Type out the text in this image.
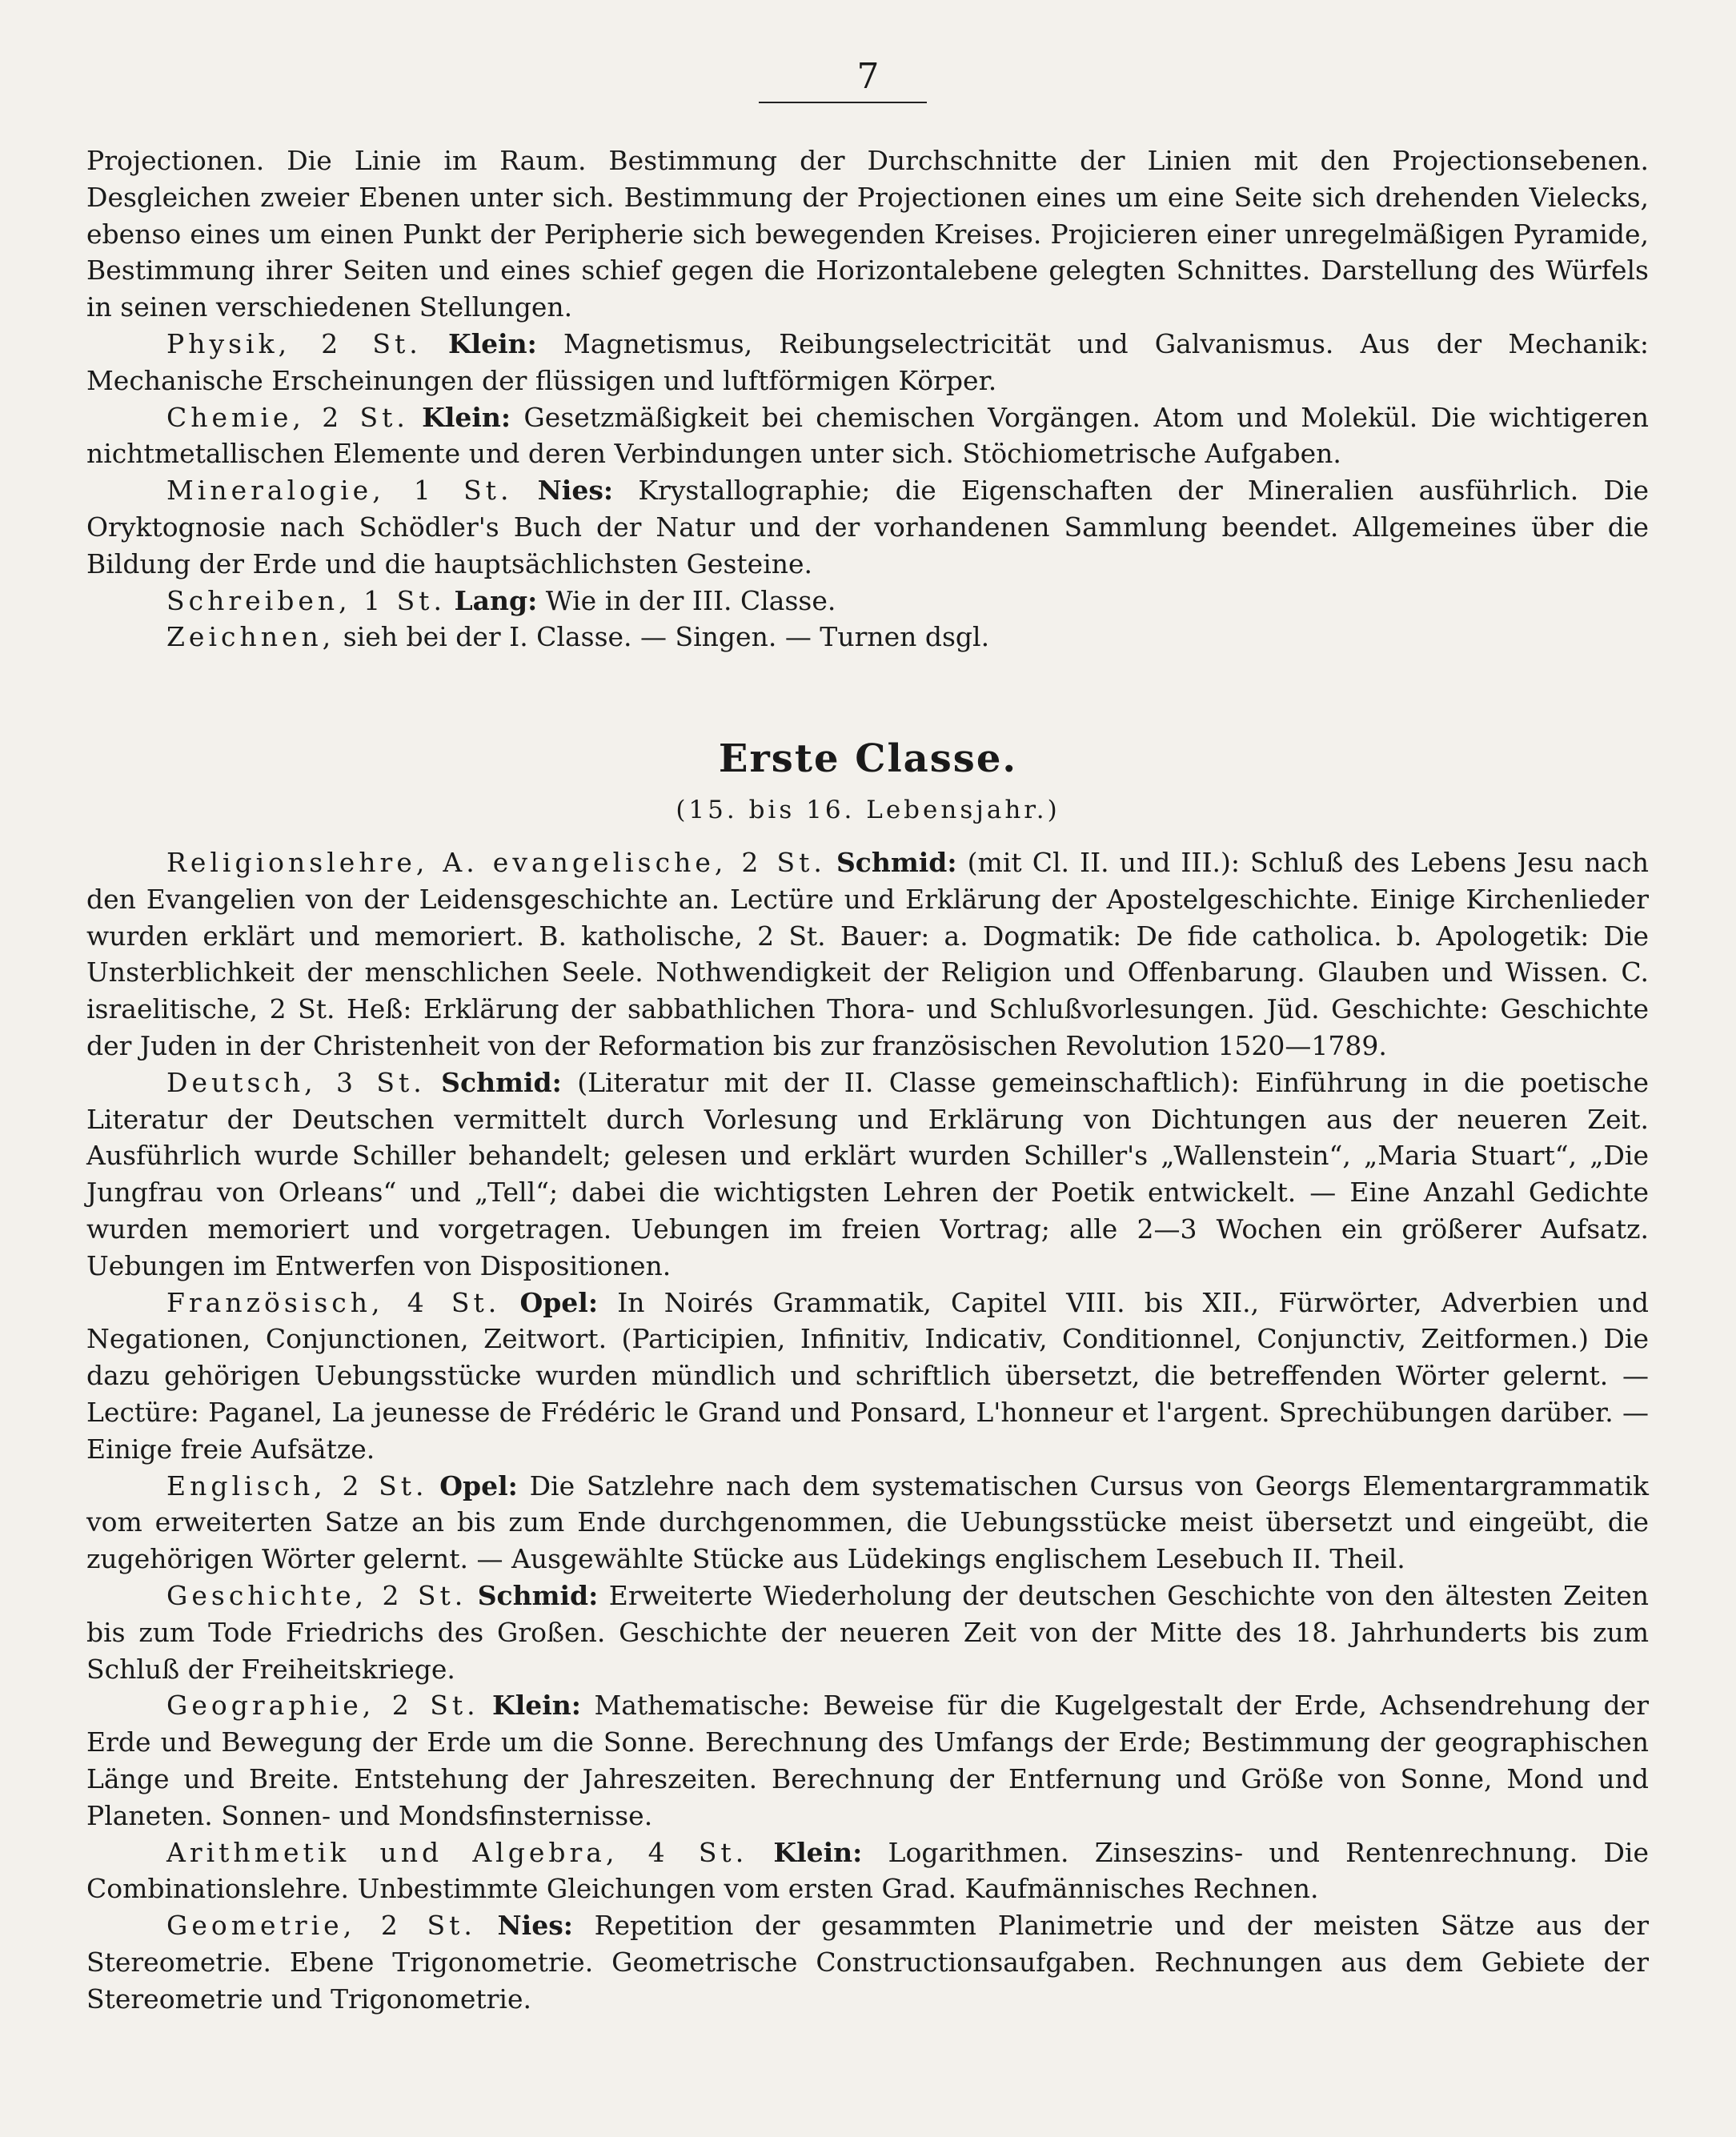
7

Projectionen. Die Linie im Raum. Bestimmung der Durchschnitte der Linien mit den Projectionsebenen. Desgleichen zweier Ebenen unter sich. Bestimmung der Projectionen eines um eine Seite sich drehenden Vielecks, ebenso eines um einen Punkt der Peripherie sich bewegenden Kreises. Projicieren einer unregelmäßigen Pyramide, Bestimmung ihrer Seiten und eines schief gegen die Horizontalebene gelegten Schnittes. Darstellung des Würfels in seinen verschiedenen Stellungen.

Physik, 2 St. Klein: Magnetismus, Reibungselectricität und Galvanismus. Aus der Mechanik: Mechanische Erscheinungen der flüssigen und luftförmigen Körper.

Chemie, 2 St. Klein: Gesetzmäßigkeit bei chemischen Vorgängen. Atom und Molekül. Die wichtigeren nichtmetallischen Elemente und deren Verbindungen unter sich. Stöchiometrische Aufgaben.

Mineralogie, 1 St. Nies: Krystallographie; die Eigenschaften der Mineralien ausführlich. Die Oryktognosie nach Schödler's Buch der Natur und der vorhandenen Sammlung beendet. Allgemeines über die Bildung der Erde und die hauptsächlichsten Gesteine.

Schreiben, 1 St. Lang: Wie in der III. Classe.

Zeichnen, sieh bei der I. Classe. — Singen. — Turnen dsgl.

Erste Classe.
(15. bis 16. Lebensjahr.)

Religionslehre, A. evangelische, 2 St. Schmid: (mit Cl. II. und III.): Schluß des Lebens Jesu nach den Evangelien von der Leidensgeschichte an. Lectüre und Erklärung der Apostelgeschichte. Einige Kirchenlieder wurden erklärt und memoriert. B. katholische, 2 St. Bauer: a. Dogmatik: De fide catholica. b. Apologetik: Die Unsterblichkeit der menschlichen Seele. Nothwendigkeit der Religion und Offenbarung. Glauben und Wissen. C. israelitische, 2 St. Heß: Erklärung der sabbathlichen Thora- und Schlußvorlesungen. Jüd. Geschichte: Geschichte der Juden in der Christenheit von der Reformation bis zur französischen Revolution 1520—1789.

Deutsch, 3 St. Schmid: (Literatur mit der II. Classe gemeinschaftlich): Einführung in die poetische Literatur der Deutschen vermittelt durch Vorlesung und Erklärung von Dichtungen aus der neueren Zeit. Ausführlich wurde Schiller behandelt; gelesen und erklärt wurden Schiller's „Wallenstein“, „Maria Stuart“, „Die Jungfrau von Orleans“ und „Tell“; dabei die wichtigsten Lehren der Poetik entwickelt. — Eine Anzahl Gedichte wurden memoriert und vorgetragen. Uebungen im freien Vortrag; alle 2—3 Wochen ein größerer Aufsatz. Uebungen im Entwerfen von Dispositionen.

Französisch, 4 St. Opel: In Noirés Grammatik, Capitel VIII. bis XII., Fürwörter, Adverbien und Negationen, Conjunctionen, Zeitwort. (Participien, Infinitiv, Indicativ, Conditionnel, Conjunctiv, Zeitformen.) Die dazu gehörigen Uebungsstücke wurden mündlich und schriftlich übersetzt, die betreffenden Wörter gelernt. — Lectüre: Paganel, La jeunesse de Frédéric le Grand und Ponsard, L'honneur et l'argent. Sprechübungen darüber. — Einige freie Aufsätze.

Englisch, 2 St. Opel: Die Satzlehre nach dem systematischen Cursus von Georgs Elementargrammatik vom erweiterten Satze an bis zum Ende durchgenommen, die Uebungsstücke meist übersetzt und eingeübt, die zugehörigen Wörter gelernt. — Ausgewählte Stücke aus Lüdekings englischem Lesebuch II. Theil.

Geschichte, 2 St. Schmid: Erweiterte Wiederholung der deutschen Geschichte von den ältesten Zeiten bis zum Tode Friedrichs des Großen. Geschichte der neueren Zeit von der Mitte des 18. Jahrhunderts bis zum Schluß der Freiheitskriege.

Geographie, 2 St. Klein: Mathematische: Beweise für die Kugelgestalt der Erde, Achsendrehung der Erde und Bewegung der Erde um die Sonne. Berechnung des Umfangs der Erde; Bestimmung der geographischen Länge und Breite. Entstehung der Jahreszeiten. Berechnung der Entfernung und Größe von Sonne, Mond und Planeten. Sonnen- und Mondsfinsternisse.

Arithmetik und Algebra, 4 St. Klein: Logarithmen. Zinseszins- und Rentenrechnung. Die Combinationslehre. Unbestimmte Gleichungen vom ersten Grad. Kaufmännisches Rechnen.

Geometrie, 2 St. Nies: Repetition der gesammten Planimetrie und der meisten Sätze aus der Stereometrie. Ebene Trigonometrie. Geometrische Constructionsaufgaben. Rechnungen aus dem Gebiete der Stereometrie und Trigonometrie.
